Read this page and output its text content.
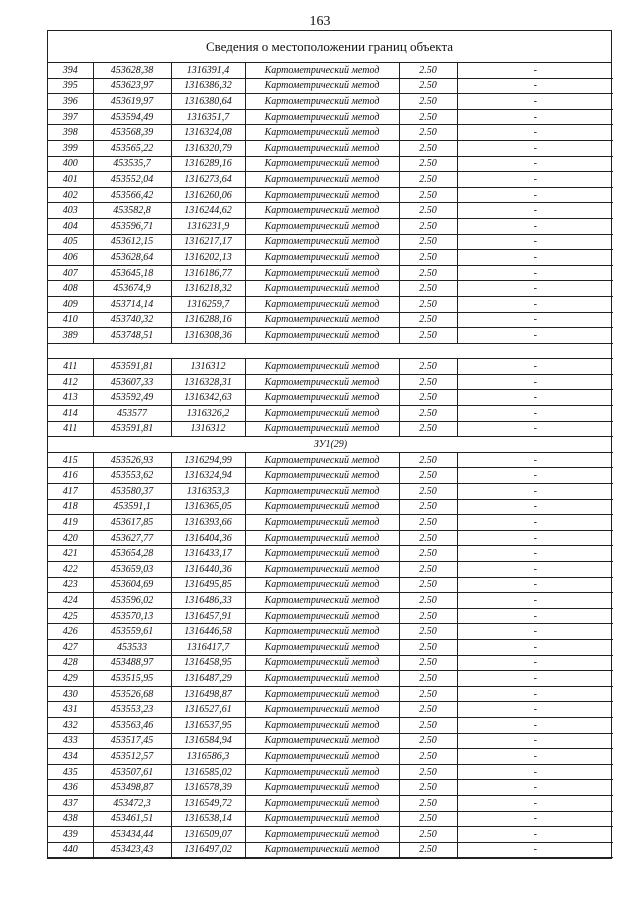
163
Сведения о местоположении границ объекта
394	453628,38	1316391,4	Картометрический метод	2.50	-
395	453623,97	1316386,32	Картометрический метод	2.50	-
396	453619,97	1316380,64	Картометрический метод	2.50	-
397	453594,49	1316351,7	Картометрический метод	2.50	-
398	453568,39	1316324,08	Картометрический метод	2.50	-
399	453565,22	1316320,79	Картометрический метод	2.50	-
400	453535,7	1316289,16	Картометрический метод	2.50	-
401	453552,04	1316273,64	Картометрический метод	2.50	-
402	453566,42	1316260,06	Картометрический метод	2.50	-
403	453582,8	1316244,62	Картометрический метод	2.50	-
404	453596,71	1316231,9	Картометрический метод	2.50	-
405	453612,15	1316217,17	Картометрический метод	2.50	-
406	453628,64	1316202,13	Картометрический метод	2.50	-
407	453645,18	1316186,77	Картометрический метод	2.50	-
408	453674,9	1316218,32	Картометрический метод	2.50	-
409	453714,14	1316259,7	Картометрический метод	2.50	-
410	453740,32	1316288,16	Картометрический метод	2.50	-
389	453748,51	1316308,36	Картометрический метод	2.50	-

411	453591,81	1316312	Картометрический метод	2.50	-
412	453607,33	1316328,31	Картометрический метод	2.50	-
413	453592,49	1316342,63	Картометрический метод	2.50	-
414	453577	1316326,2	Картометрический метод	2.50	-
411	453591,81	1316312	Картометрический метод	2.50	-
ЗУ1(29)					
415	453526,93	1316294,99	Картометрический метод	2.50	-
416	453553,62	1316324,94	Картометрический метод	2.50	-
417	453580,37	1316353,3	Картометрический метод	2.50	-
418	453591,1	1316365,05	Картометрический метод	2.50	-
419	453617,85	1316393,66	Картометрический метод	2.50	-
420	453627,77	1316404,36	Картометрический метод	2.50	-
421	453654,28	1316433,17	Картометрический метод	2.50	-
422	453659,03	1316440,36	Картометрический метод	2.50	-
423	453604,69	1316495,85	Картометрический метод	2.50	-
424	453596,02	1316486,33	Картометрический метод	2.50	-
425	453570,13	1316457,91	Картометрический метод	2.50	-
426	453559,61	1316446,58	Картометрический метод	2.50	-
427	453533	1316417,7	Картометрический метод	2.50	-
428	453488,97	1316458,95	Картометрический метод	2.50	-
429	453515,95	1316487,29	Картометрический метод	2.50	-
430	453526,68	1316498,87	Картометрический метод	2.50	-
431	453553,23	1316527,61	Картометрический метод	2.50	-
432	453563,46	1316537,95	Картометрический метод	2.50	-
433	453517,45	1316584,94	Картометрический метод	2.50	-
434	453512,57	1316586,3	Картометрический метод	2.50	-
435	453507,61	1316585,02	Картометрический метод	2.50	-
436	453498,87	1316578,39	Картометрический метод	2.50	-
437	453472,3	1316549,72	Картометрический метод	2.50	-
438	453461,51	1316538,14	Картометрический метод	2.50	-
439	453434,44	1316509,07	Картометрический метод	2.50	-
440	453423,43	1316497,02	Картометрический метод	2.50	-
